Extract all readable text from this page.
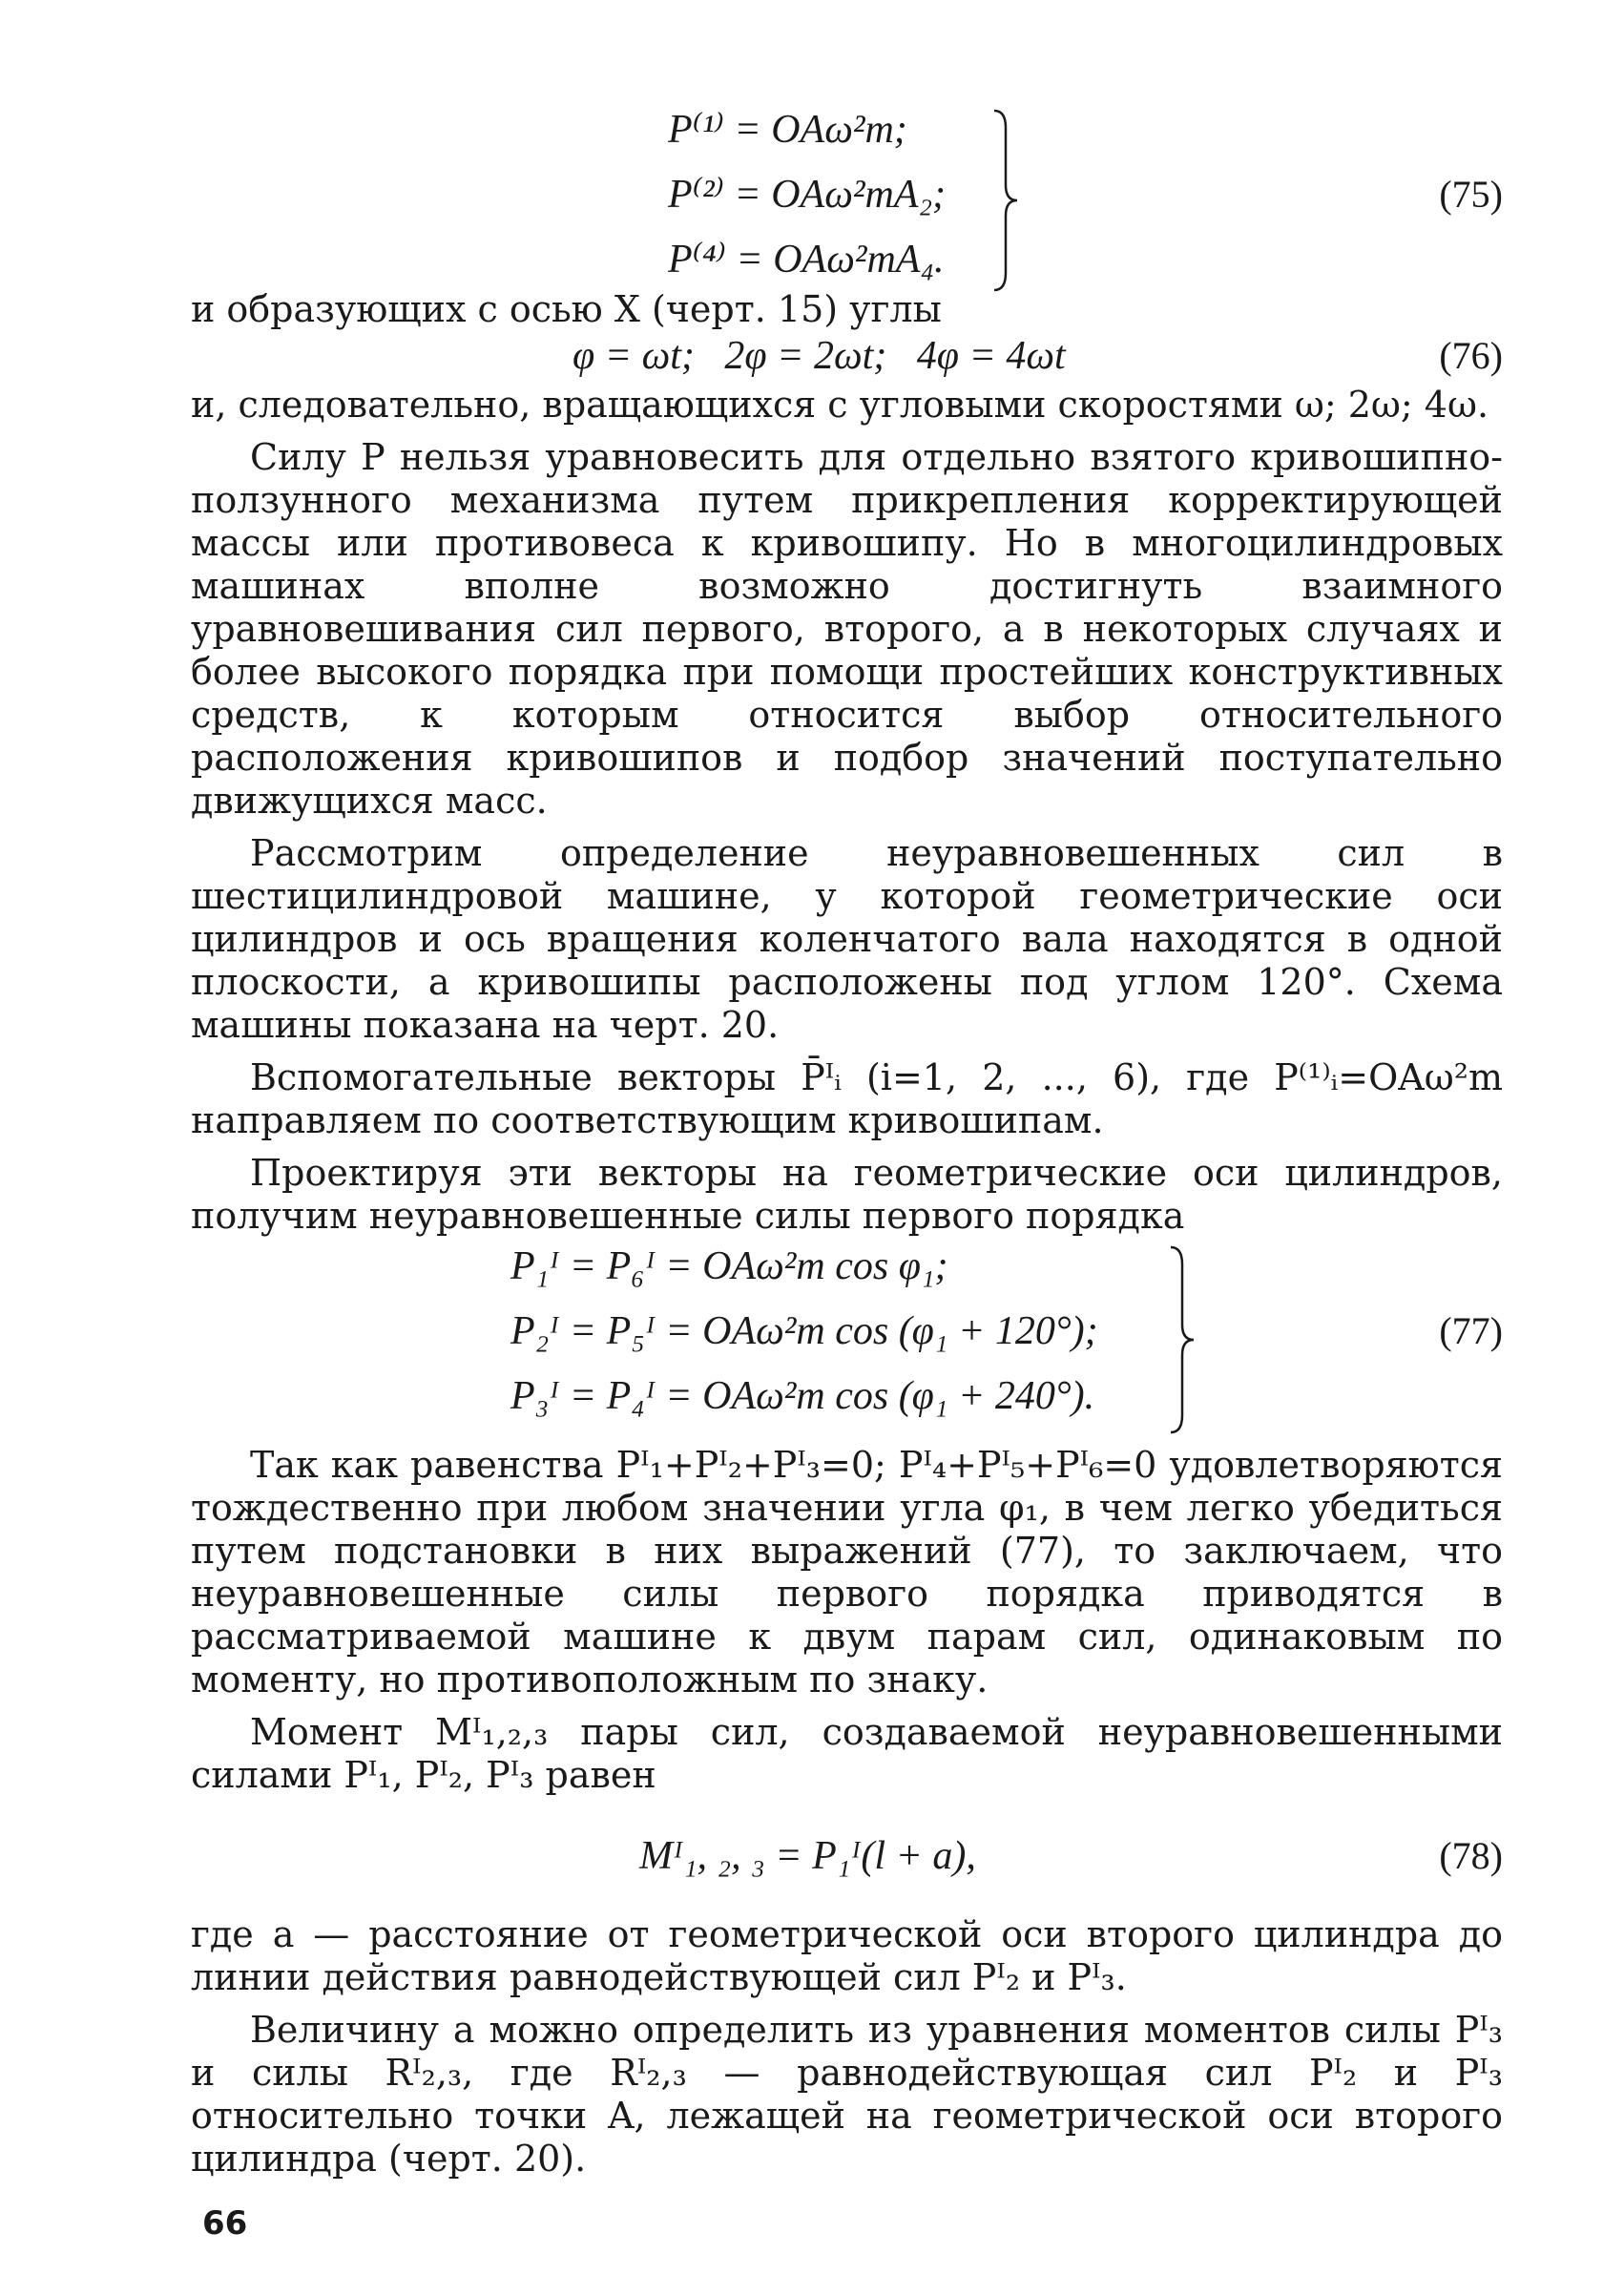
P⁽¹⁾ = OAω²m;
P⁽²⁾ = OAω²mA₂;
P⁽⁴⁾ = OAω²mA₄.
(75)

и образующих с осью X (черт. 15) углы

φ = ωt;   2φ = 2ωt;   4φ = 4ωt	(76)

и, следовательно, вращающихся с угловыми скоростями ω; 2ω; 4ω.

Силу P нельзя уравновесить для отдельно взятого кривошипно-ползунного механизма путем прикрепления корректирующей массы или противовеса к кривошипу. Но в многоцилиндровых машинах вполне возможно достигнуть взаимного уравновешивания сил первого, второго, а в некоторых случаях и более высокого порядка при помощи простейших конструктивных средств, к которым относится выбор относительного расположения кривошипов и подбор значений поступательно движущихся масс.

Рассмотрим определение неуравновешенных сил в шестицилиндровой машине, у которой геометрические оси цилиндров и ось вращения коленчатого вала находятся в одной плоскости, а кривошипы расположены под углом 120°. Схема машины показана на черт. 20.

Вспомогательные векторы P̄ᴵᵢ (i=1, 2, ..., 6), где P⁽¹⁾ᵢ=OAω²m направляем по соответствующим кривошипам.

Проектируя эти векторы на геометрические оси цилиндров, получим неуравновешенные силы первого порядка

P₁ᴵ = P₆ᴵ = OAω²m cos φ₁;
P₂ᴵ = P₅ᴵ = OAω²m cos (φ₁ + 120°);
P₃ᴵ = P₄ᴵ = OAω²m cos (φ₁ + 240°).
(77)

Так как равенства Pᴵ₁+Pᴵ₂+Pᴵ₃=0; Pᴵ₄+Pᴵ₅+Pᴵ₆=0 удовлетворяются тождественно при любом значении угла φ₁, в чем легко убедиться путем подстановки в них выражений (77), то заключаем, что неуравновешенные силы первого порядка приводятся в рассматриваемой машине к двум парам сил, одинаковым по моменту, но противоположным по знаку.

Момент Mᴵ₁,₂,₃ пары сил, создаваемой неуравновешенными силами Pᴵ₁, Pᴵ₂, Pᴵ₃ равен

Mᴵ₁, ₂, ₃ = P₁ᴵ(l + a),	(78)

где a — расстояние от геометрической оси второго цилиндра до линии действия равнодействующей сил Pᴵ₂ и Pᴵ₃.

Величину a можно определить из уравнения моментов силы Pᴵ₃ и силы Rᴵ₂,₃, где Rᴵ₂,₃ — равнодействующая сил Pᴵ₂ и Pᴵ₃ относительно точки A, лежащей на геометрической оси второго цилиндра (черт. 20).

66
